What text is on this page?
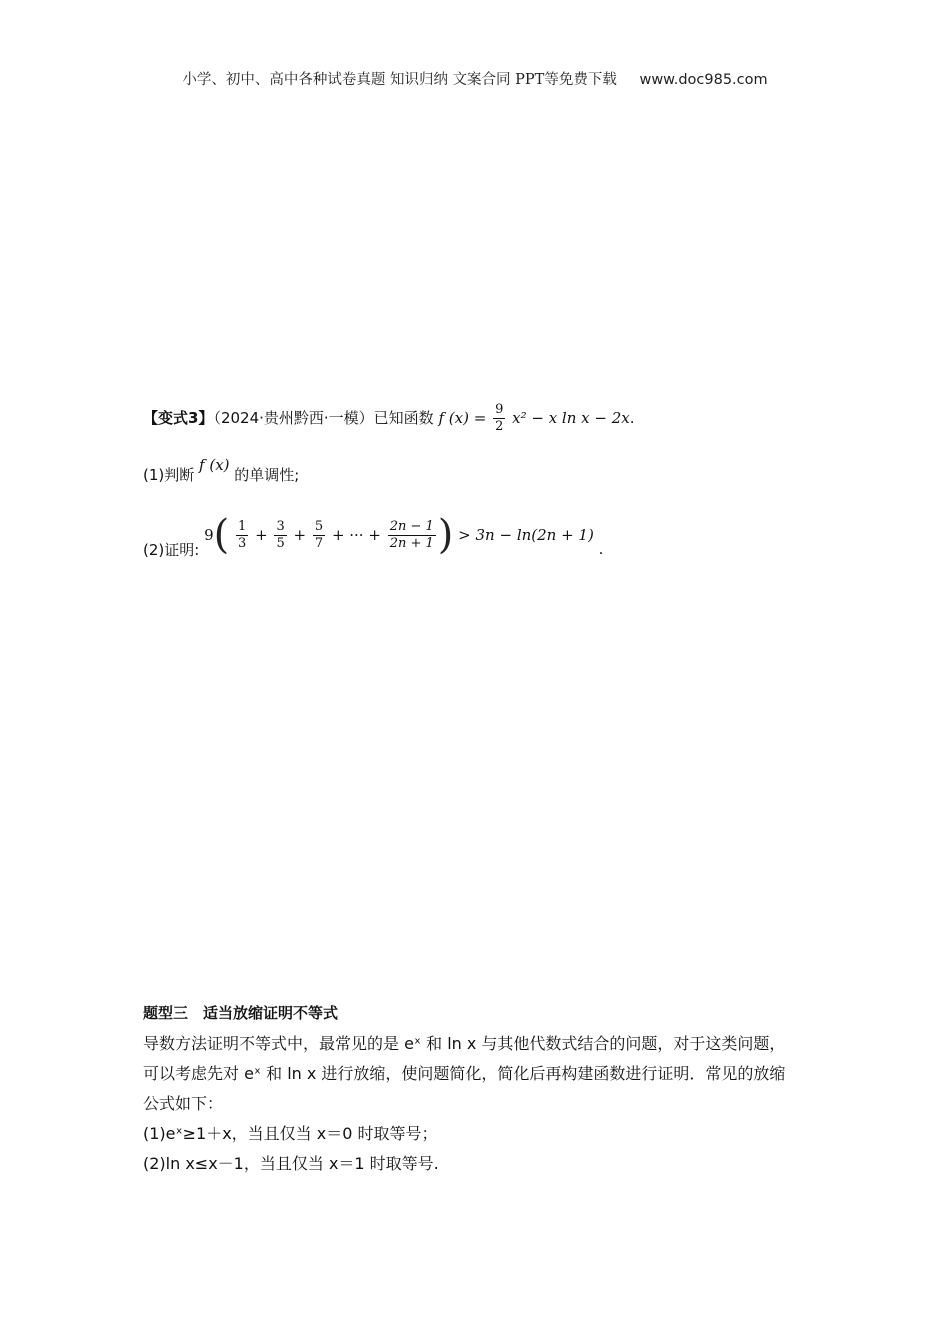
小学、初中、高中各种试卷真题 知识归纳 文案合同 PPT等免费下载 www.doc985.com
【变式3】（2024·贵州黔西·一模）已知函数 f $(x) = \frac{9}{2} x^2 - x$ ln x − 2x.
(1)判断 f (x) 的单调性;
(2)证明: $9( \frac{1}{3} + \frac{3}{5} + \frac{5}{7}$ + ··· + $\frac{2n - 1}{2n + 1}$ ) > 3n − ln(2n + 1) .
题型三　适当放缩证明不等式
导数方法证明不等式中，最常见的是 eˣ 和 ln x 与其他代数式结合的问题，对于这类问题，
可以考虑先对 eˣ 和 ln x 进行放缩，使问题简化，简化后再构建函数进行证明．常见的放缩
公式如下：
(1)eˣ≥1＋x，当且仅当 x＝0 时取等号；
(2)ln x≤x－1，当且仅当 x＝1 时取等号.
